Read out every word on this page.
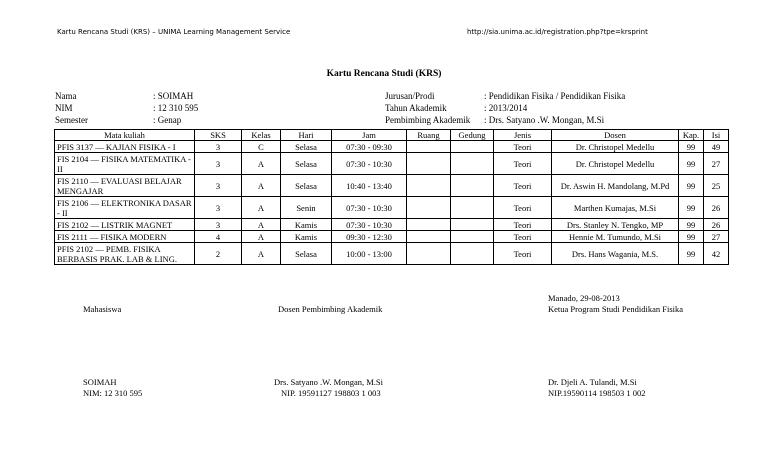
Kartu Rencana Studi (KRS) – UNIMA Learning Management Service	http://sia.unima.ac.id/registration.php?tpe=krsprint
Kartu Rencana Studi (KRS)
Nama	: SOIMAH
NIM	: 12 310 595
Semester	: Genap
Jurusan/Prodi	: Pendidikan Fisika / Pendidikan Fisika
Tahun Akademik	: 2013/2014
Pembimbing Akademik : Drs. Satyano .W. Mongan, M.Si
Mata kuliah	SKS	Kelas	Hari	Jam	Ruang	Gedung	Jenis	Dosen	Kap.	Isi
PFIS 3137 — KAJIAN FISIKA - I	3	C	Selasa	07:30 - 09:30			Teori	Dr. Christopel Medellu	99	49
FIS 2104 — FISIKA MATEMATIKA - II	3	A	Selasa	07:30 - 10:30			Teori	Dr. Christopel Medellu	99	27
FIS 2110 — EVALUASI BELAJAR MENGAJAR	3	A	Selasa	10:40 - 13:40			Teori	Dr. Aswin H. Mandolang, M.Pd	99	25
FIS 2106 — ELEKTRONIKA DASAR - II	3	A	Senin	07:30 - 10:30			Teori	Marthen Kumajas, M.Si	99	26
FIS 2102 — LISTRIK MAGNET	3	A	Kamis	07:30 - 10:30			Teori	Drs. Stanley N. Tengko, MP	99	26
FIS 2111 — FISIKA MODERN	4	A	Kamis	09:30 - 12:30			Teori	Hennie M. Tumundo, M.Si	99	27
PFIS 2102 — PEMB. FISIKA BERBASIS PRAK. LAB & LING.	2	A	Selasa	10:00 - 13:00			Teori	Drs. Hans Wagania, M.S.	99	42
Manado, 29-08-2013
Mahasiswa	Dosen Pembimbing Akademik	Ketua Program Studi Pendidikan Fisika
SOIMAH
NIM: 12 310 595
Drs. Satyano .W. Mongan, M.Si
NIP. 19591127 198803 1 003
Dr. Djeli A. Tulandi, M.Si
NIP.19590114 198503 1 002
